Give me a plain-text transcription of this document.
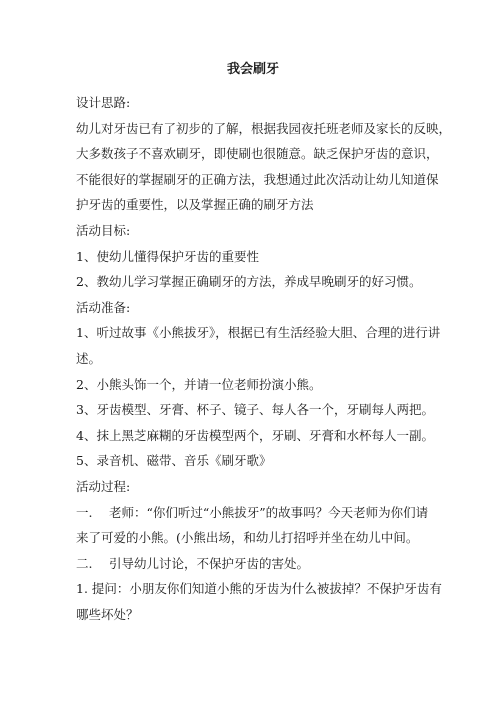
我会刷牙

设计思路:

幼儿对牙齿已有了初步的了解，根据我园夜托班老师及家长的反映，

大多数孩子不喜欢刷牙，即使刷也很随意。缺乏保护牙齿的意识，

不能很好的掌握刷牙的正确方法，我想通过此次活动让幼儿知道保

护牙齿的重要性，以及掌握正确的刷牙方法

活动目标:

1、使幼儿懂得保护牙齿的重要性

2、教幼儿学习掌握正确刷牙的方法，养成早晚刷牙的好习惯。

活动准备:

1、听过故事《小熊拔牙》，根据已有生活经验大胆、合理的进行讲

述。

2、小熊头饰一个，并请一位老师扮演小熊。

3、牙齿模型、牙膏、杯子、镜子、每人各一个，牙刷每人两把。

4、抹上黑芝麻糊的牙齿模型两个，牙刷、牙膏和水杯每人一副。

5、录音机、磁带、音乐《刷牙歌》

活动过程:

一.　 老师：“你们听过“小熊拔牙”的故事吗？今天老师为你们请

来了可爱的小熊。(小熊出场，和幼儿打招呼并坐在幼儿中间。

二.　 引导幼儿讨论，不保护牙齿的害处。

1. 提问：小朋友你们知道小熊的牙齿为什么被拔掉？不保护牙齿有

哪些坏处？
